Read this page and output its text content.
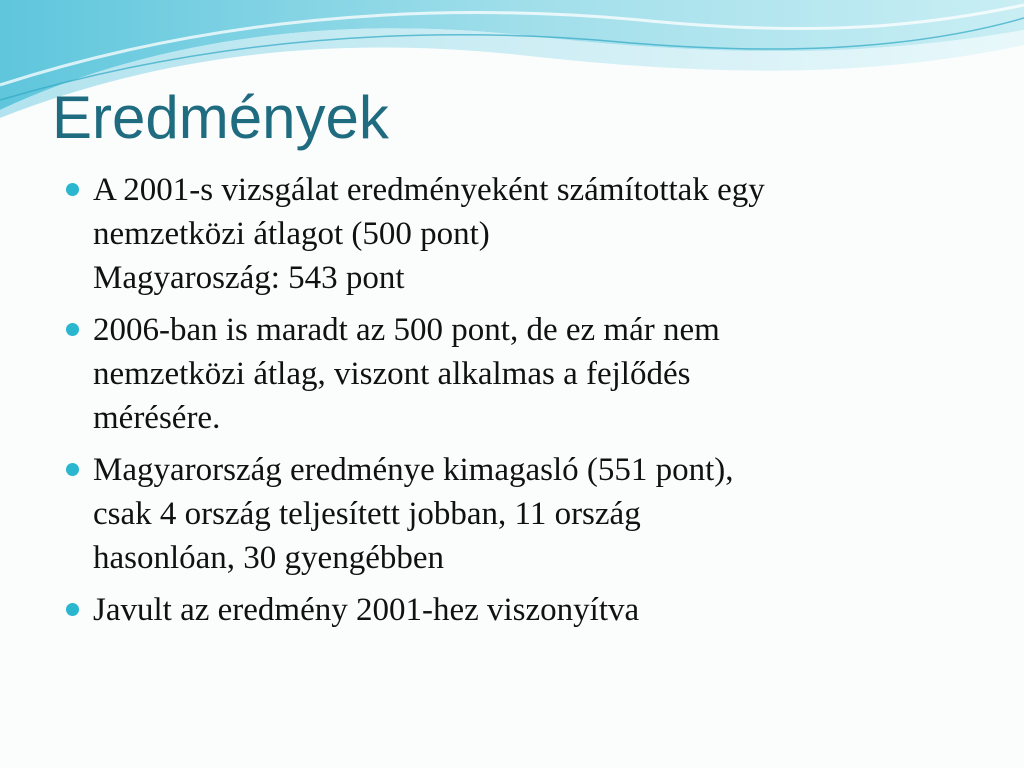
Eredmények
A 2001-s vizsgálat eredményeként számítottak egy
nemzetközi átlagot (500 pont)
Magyaroszág: 543 pont
2006-ban is maradt az 500 pont, de ez már nem
nemzetközi átlag, viszont alkalmas a fejlődés
mérésére.
Magyarország eredménye kimagasló (551 pont),
csak 4 ország teljesített jobban, 11 ország
hasonlóan, 30 gyengébben
Javult az eredmény 2001-hez viszonyítva
